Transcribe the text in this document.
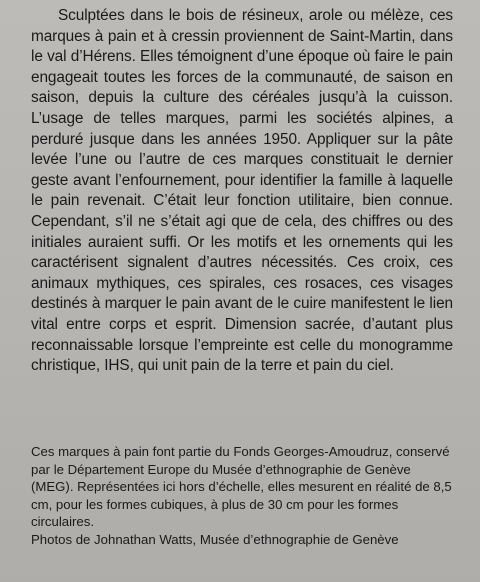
Sculptées dans le bois de résineux, arole ou mélèze, ces marques à pain et à cressin proviennent de Saint-Martin, dans le val d’Hérens. Elles témoignent d’une époque où faire le pain engageait toutes les forces de la communauté, de saison en saison, depuis la culture des céréales jusqu’à la cuisson. L’usage de telles marques, parmi les sociétés alpines, a perduré jusque dans les années 1950. Appliquer sur la pâte levée l’une ou l’autre de ces marques constituait le dernier geste avant l’enfournement, pour identifier la famille à laquelle le pain revenait. C’était leur fonction utilitaire, bien connue. Cependant, s’il ne s’était agi que de cela, des chiffres ou des initiales auraient suffi. Or les motifs et les ornements qui les caractérisent signalent d’autres nécessités. Ces croix, ces animaux mythiques, ces spirales, ces rosaces, ces visages destinés à marquer le pain avant de le cuire manifestent le lien vital entre corps et esprit. Dimension sacrée, d’autant plus reconnaissable lorsque l’empreinte est celle du monogramme christique, IHS, qui unit pain de la terre et pain du ciel.

Ces marques à pain font partie du Fonds Georges-Amoudruz, conservé par le Département Europe du Musée d’ethnographie de Genève (MEG). Représentées ici hors d’échelle, elles mesurent en réalité de 8,5 cm, pour les formes cubiques, à plus de 30 cm pour les formes circulaires.

Photos de Johnathan Watts, Musée d’ethnographie de Genève
